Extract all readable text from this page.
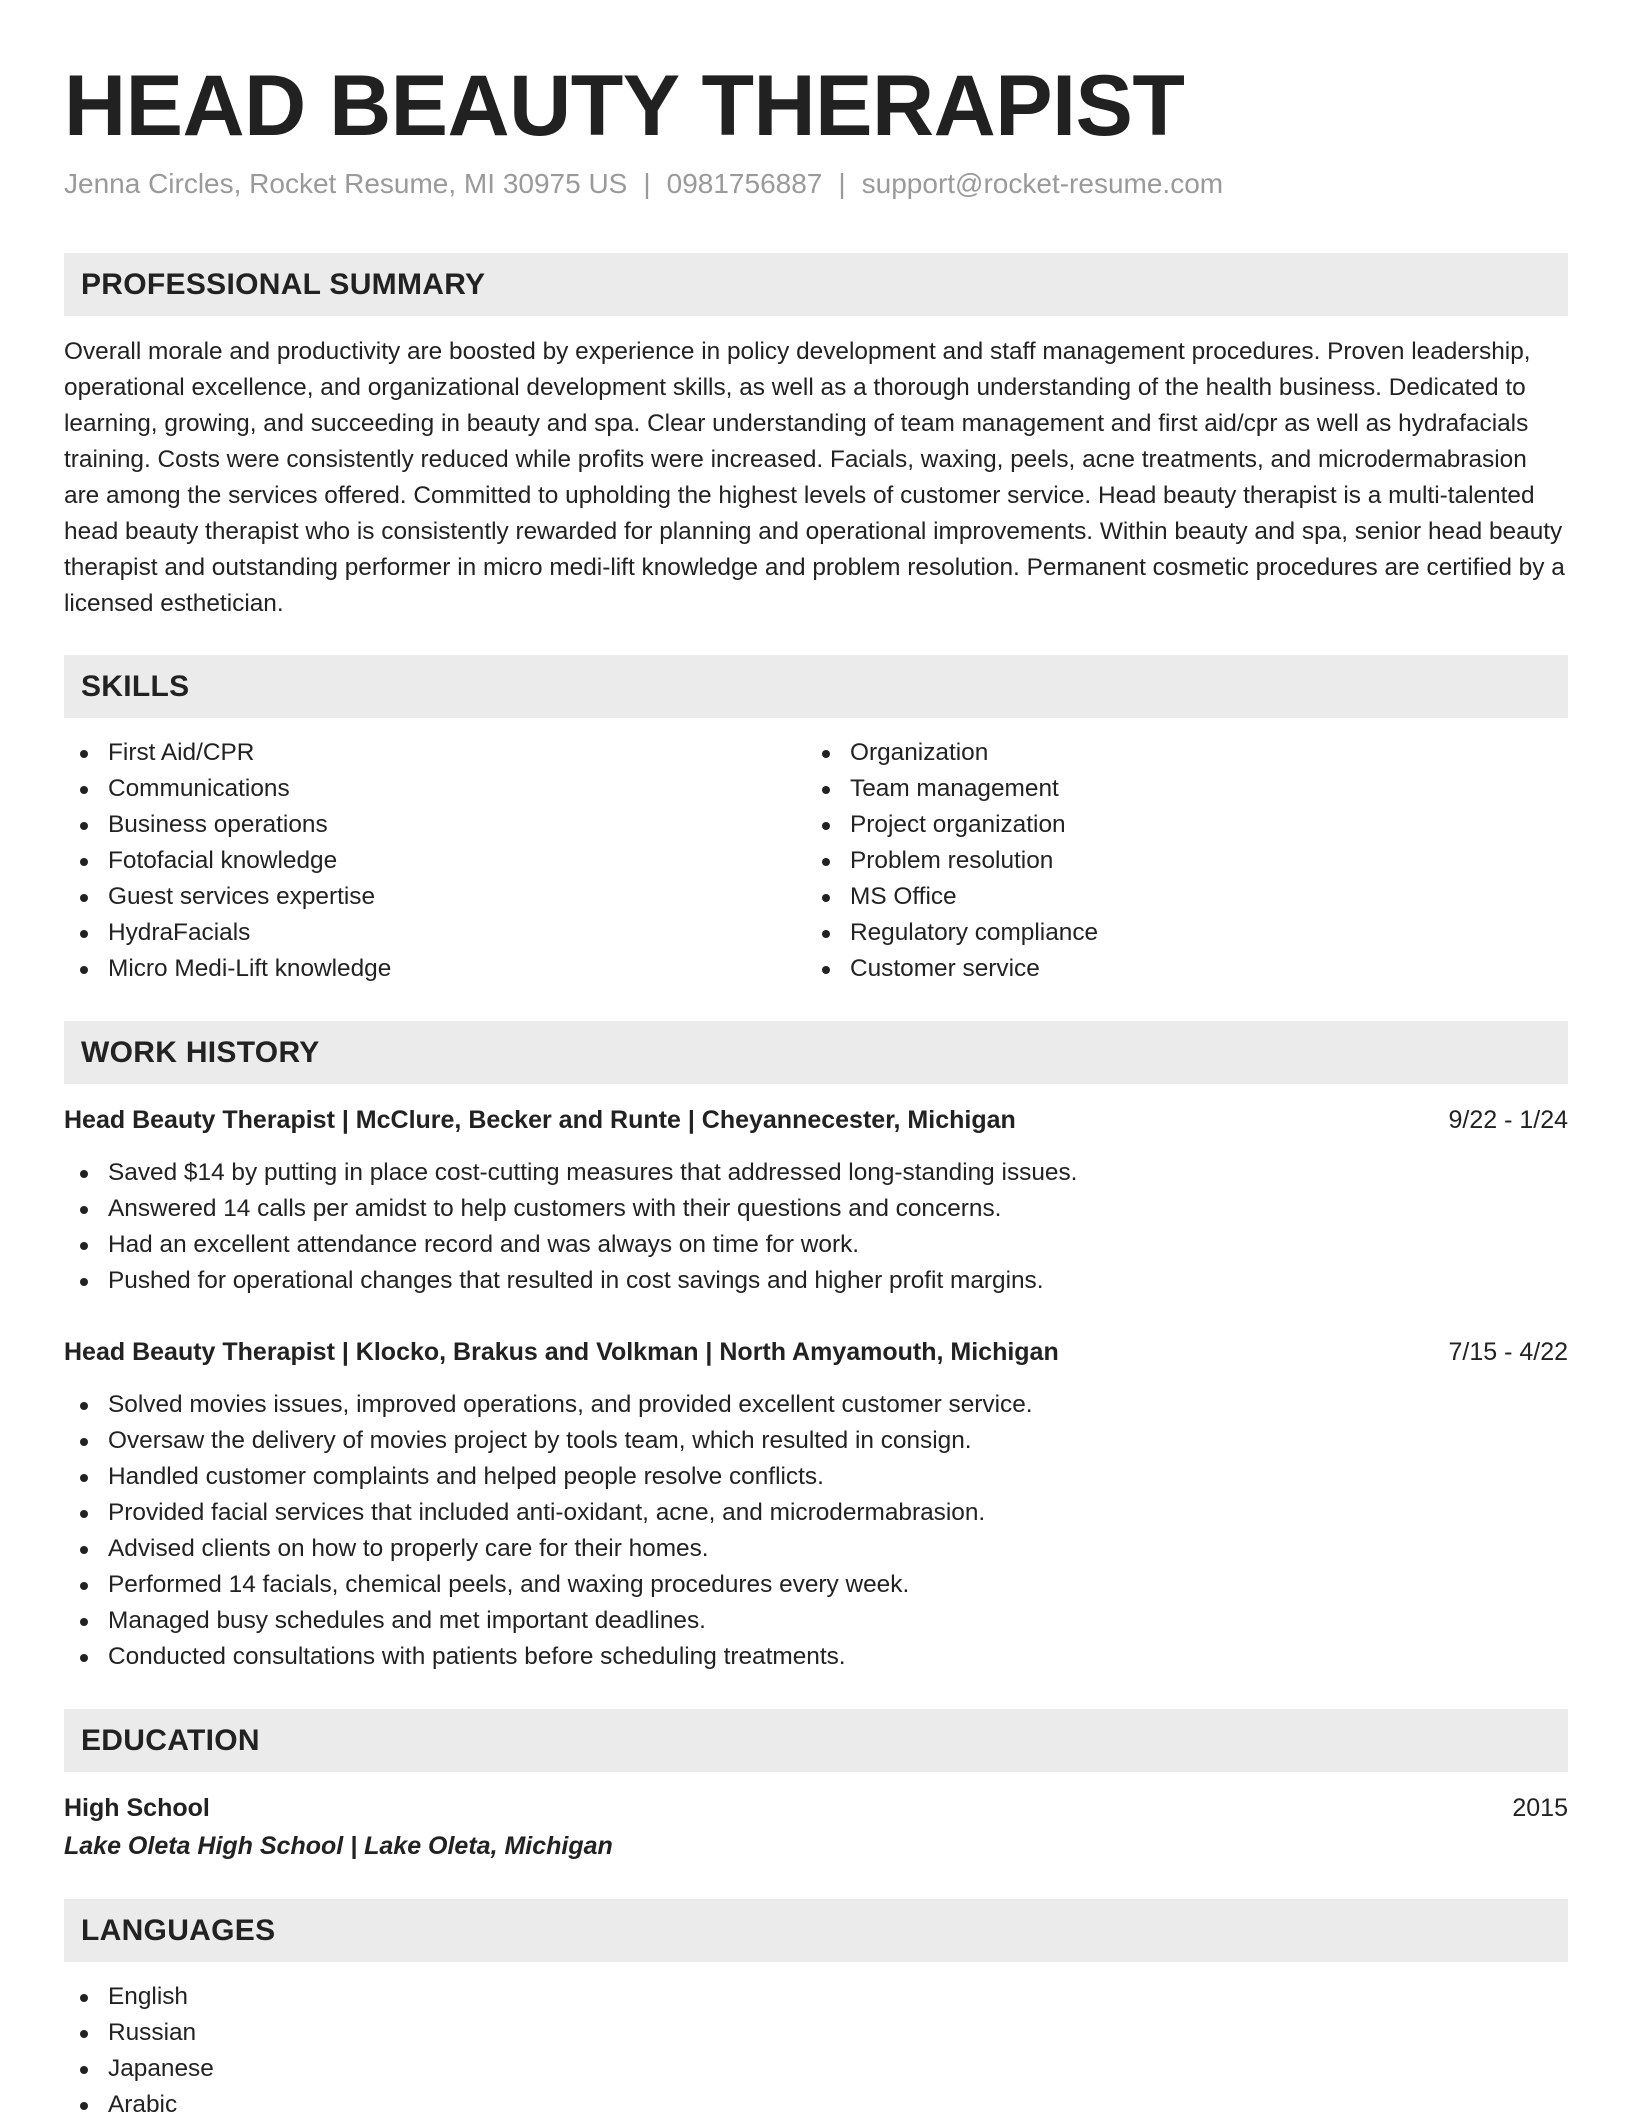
HEAD BEAUTY THERAPIST
Jenna Circles, Rocket Resume, MI 30975 US | 0981756887 | support@rocket-resume.com
PROFESSIONAL SUMMARY

Overall morale and productivity are boosted by experience in policy development and staff management procedures. Proven leadership, operational excellence, and organizational development skills, as well as a thorough understanding of the health business. Dedicated to learning, growing, and succeeding in beauty and spa. Clear understanding of team management and first aid/cpr as well as hydrafacials training. Costs were consistently reduced while profits were increased. Facials, waxing, peels, acne treatments, and microdermabrasion are among the services offered. Committed to upholding the highest levels of customer service. Head beauty therapist is a multi-talented head beauty therapist who is consistently rewarded for planning and operational improvements. Within beauty and spa, senior head beauty therapist and outstanding performer in micro medi-lift knowledge and problem resolution. Permanent cosmetic procedures are certified by a licensed esthetician.

SKILLS
First Aid/CPR
Communications
Business operations
Fotofacial knowledge
Guest services expertise
HydraFacials
Micro Medi-Lift knowledge
Organization
Team management
Project organization
Problem resolution
MS Office
Regulatory compliance
Customer service
WORK HISTORY
Head Beauty Therapist | McClure, Becker and Runte | Cheyannecester, Michigan	9/22 - 1/24
Saved $14 by putting in place cost-cutting measures that addressed long-standing issues.
Answered 14 calls per amidst to help customers with their questions and concerns.
Had an excellent attendance record and was always on time for work.
Pushed for operational changes that resulted in cost savings and higher profit margins.
Head Beauty Therapist | Klocko, Brakus and Volkman | North Amyamouth, Michigan	7/15 - 4/22
Solved movies issues, improved operations, and provided excellent customer service.
Oversaw the delivery of movies project by tools team, which resulted in consign.
Handled customer complaints and helped people resolve conflicts.
Provided facial services that included anti-oxidant, acne, and microdermabrasion.
Advised clients on how to properly care for their homes.
Performed 14 facials, chemical peels, and waxing procedures every week.
Managed busy schedules and met important deadlines.
Conducted consultations with patients before scheduling treatments.
EDUCATION
High School	2015
Lake Oleta High School | Lake Oleta, Michigan
LANGUAGES
English
Russian
Japanese
Arabic
